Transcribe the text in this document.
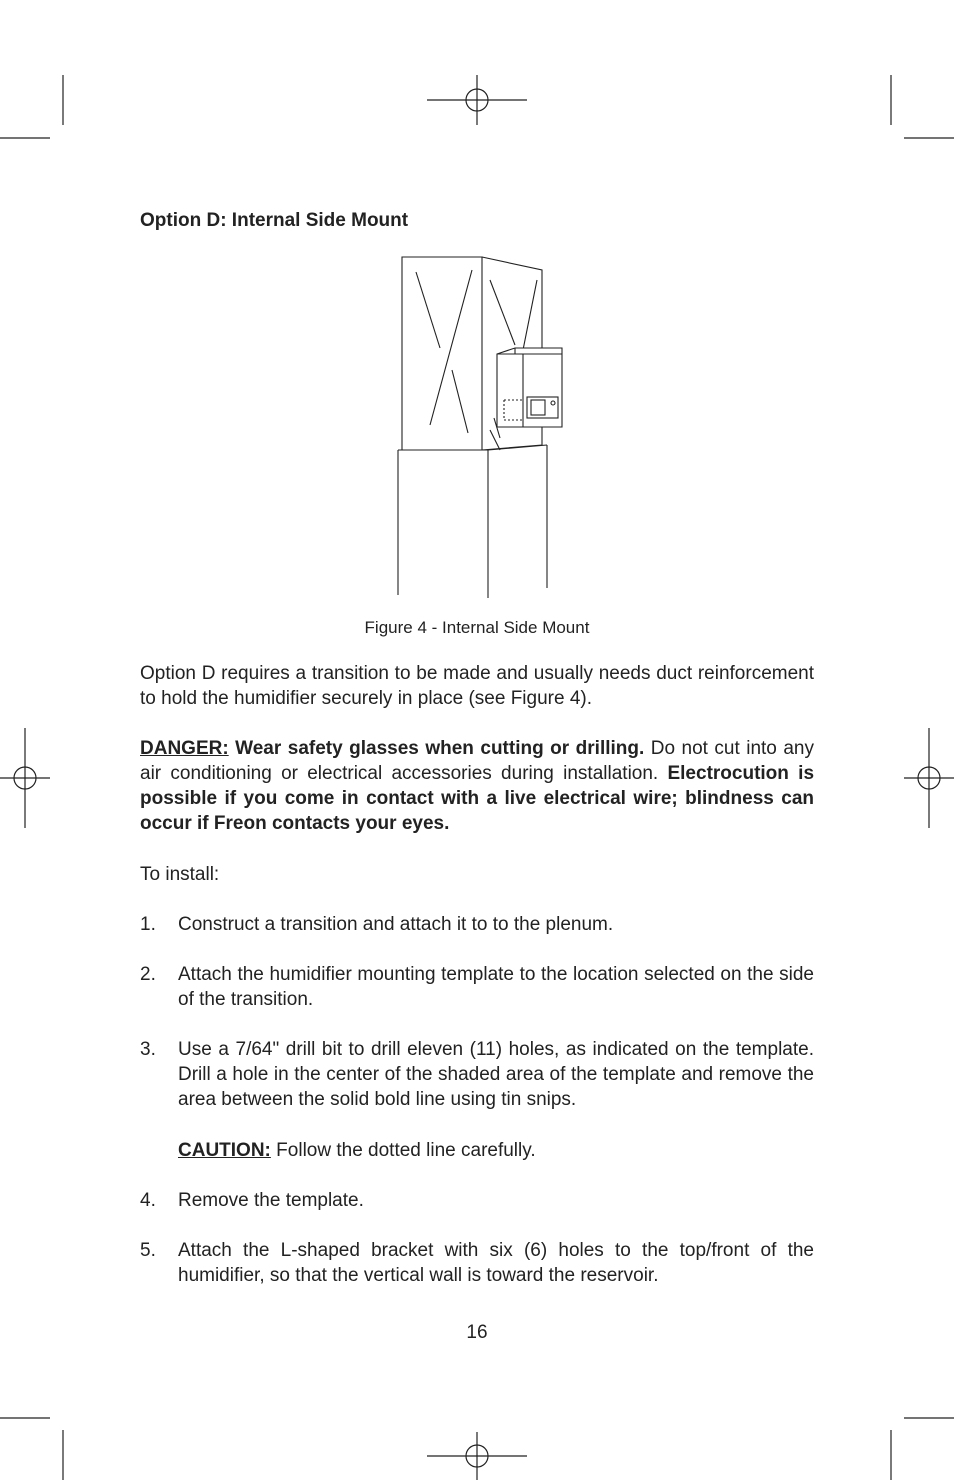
Option D: Internal Side Mount
Figure 4 - Internal Side Mount

Option D requires a transition to be made and usually needs duct reinforcement to hold the humidifier securely in place (see Figure 4).

DANGER: Wear safety glasses when cutting or drilling. Do not cut into any air conditioning or electrical accessories during installation. Electrocution is possible if you come in contact with a live electrical wire; blindness can occur if Freon contacts your eyes.

To install:

1. Construct a transition and attach it to to the plenum.
2. Attach the humidifier mounting template to the location selected on the side of the transition.
3. Use a 7/64" drill bit to drill eleven (11) holes, as indicated on the template. Drill a hole in the center of the shaded area of the template and remove the area between the solid bold line using tin snips.
CAUTION: Follow the dotted line carefully.
4. Remove the template.
5. Attach the L-shaped bracket with six (6) holes to the top/front of the humidifier, so that the vertical wall is toward the reservoir.
16
